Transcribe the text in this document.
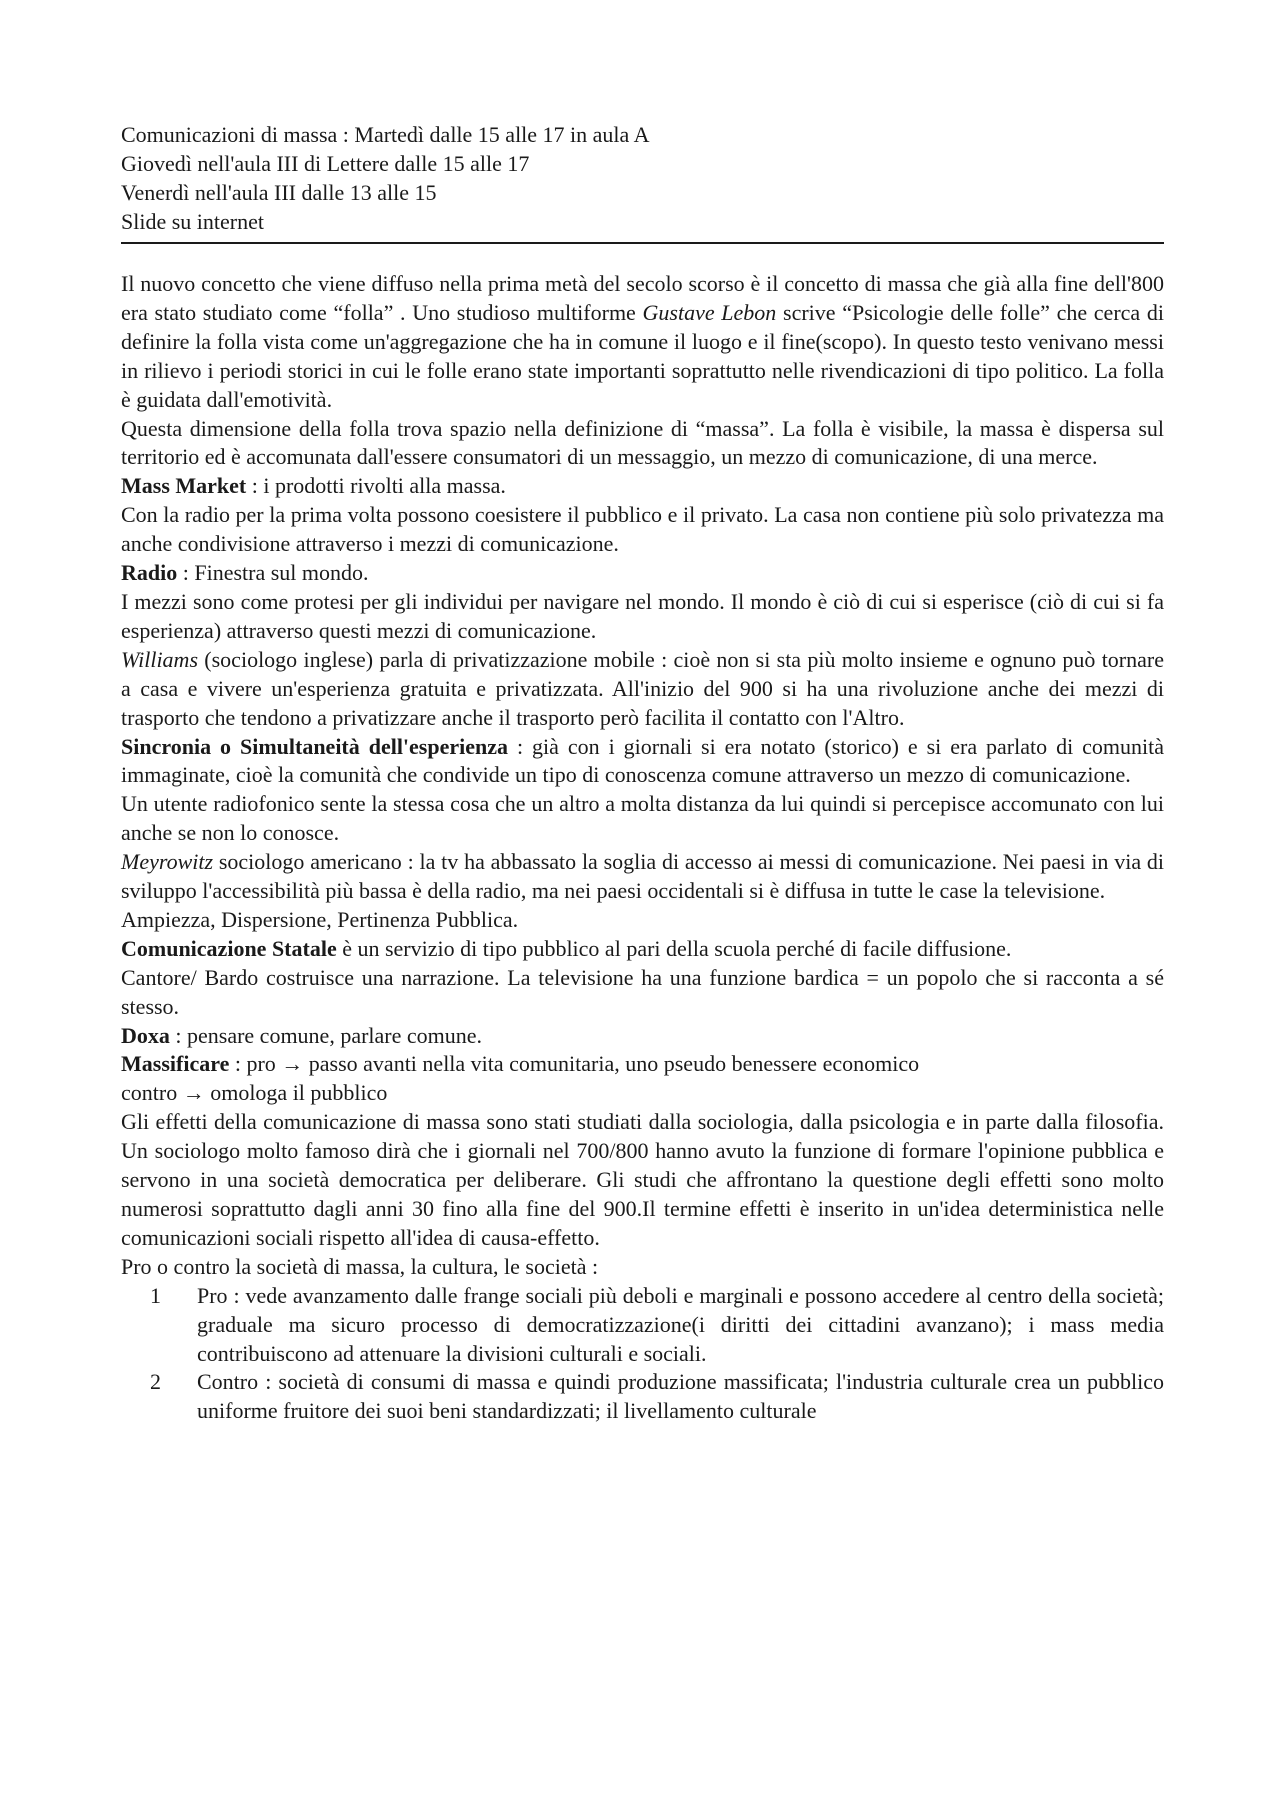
Comunicazioni di massa : Martedì dalle 15 alle 17 in aula A
Giovedì nell'aula III di Lettere dalle 15 alle 17
Venerdì nell'aula III dalle 13 alle 15
Slide su internet

Il nuovo concetto che viene diffuso nella prima metà del secolo scorso è il concetto di massa che già alla fine dell'800 era stato studiato come “folla” . Uno studioso multiforme Gustave Lebon scrive “Psicologie delle folle” che cerca di definire la folla vista come un'aggregazione che ha in comune il luogo e il fine(scopo). In questo testo venivano messi in rilievo i periodi storici in cui le folle erano state importanti soprattutto nelle rivendicazioni di tipo politico. La folla è guidata dall'emotività.

Questa dimensione della folla trova spazio nella definizione di “massa”. La folla è visibile, la massa è dispersa sul territorio ed è accomunata dall'essere consumatori di un messaggio, un mezzo di comunicazione, di una merce.

Mass Market : i prodotti rivolti alla massa.

Con la radio per la prima volta possono coesistere il pubblico e il privato. La casa non contiene più solo privatezza ma anche condivisione attraverso i mezzi di comunicazione.

Radio : Finestra sul mondo.

I mezzi sono come protesi per gli individui per navigare nel mondo. Il mondo è ciò di cui si esperisce (ciò di cui si fa esperienza) attraverso questi mezzi di comunicazione.

Williams (sociologo inglese) parla di privatizzazione mobile : cioè non si sta più molto insieme e ognuno può tornare a casa e vivere un'esperienza gratuita e privatizzata. All'inizio del 900 si ha una rivoluzione anche dei mezzi di trasporto che tendono a privatizzare anche il trasporto però facilita il contatto con l'Altro.

Sincronia o Simultaneità dell'esperienza : già con i giornali si era notato (storico) e si era parlato di comunità immaginate, cioè la comunità che condivide un tipo di conoscenza comune attraverso un mezzo di comunicazione.

Un utente radiofonico sente la stessa cosa che un altro a molta distanza da lui quindi si percepisce accomunato con lui anche se non lo conosce.

Meyrowitz sociologo americano : la tv ha abbassato la soglia di accesso ai messi di comunicazione. Nei paesi in via di sviluppo l'accessibilità più bassa è della radio, ma nei paesi occidentali si è diffusa in tutte le case la televisione.

Ampiezza, Dispersione, Pertinenza Pubblica.

Comunicazione Statale è un servizio di tipo pubblico al pari della scuola perché di facile diffusione.

Cantore/ Bardo costruisce una narrazione. La televisione ha una funzione bardica = un popolo che si racconta a sé stesso.

Doxa : pensare comune, parlare comune.

Massificare : pro → passo avanti nella vita comunitaria, uno pseudo benessere economico

contro → omologa il pubblico

Gli effetti della comunicazione di massa sono stati studiati dalla sociologia, dalla psicologia e in parte dalla filosofia. Un sociologo molto famoso dirà che i giornali nel 700/800 hanno avuto la funzione di formare l'opinione pubblica e servono in una società democratica per deliberare. Gli studi che affrontano la questione degli effetti sono molto numerosi soprattutto dagli anni 30 fino alla fine del 900.Il termine effetti è inserito in un'idea deterministica nelle comunicazioni sociali rispetto all'idea di causa-effetto.

Pro o contro la società di massa, la cultura, le società :

1	Pro : vede avanzamento dalle frange sociali più deboli e marginali e possono accedere al centro della società; graduale ma sicuro processo di democratizzazione(i diritti dei cittadini avanzano); i mass media contribuiscono ad attenuare la divisioni culturali e sociali.
2	Contro : società di consumi di massa e quindi produzione massificata; l'industria culturale crea un pubblico uniforme fruitore dei suoi beni standardizzati; il livellamento culturale
